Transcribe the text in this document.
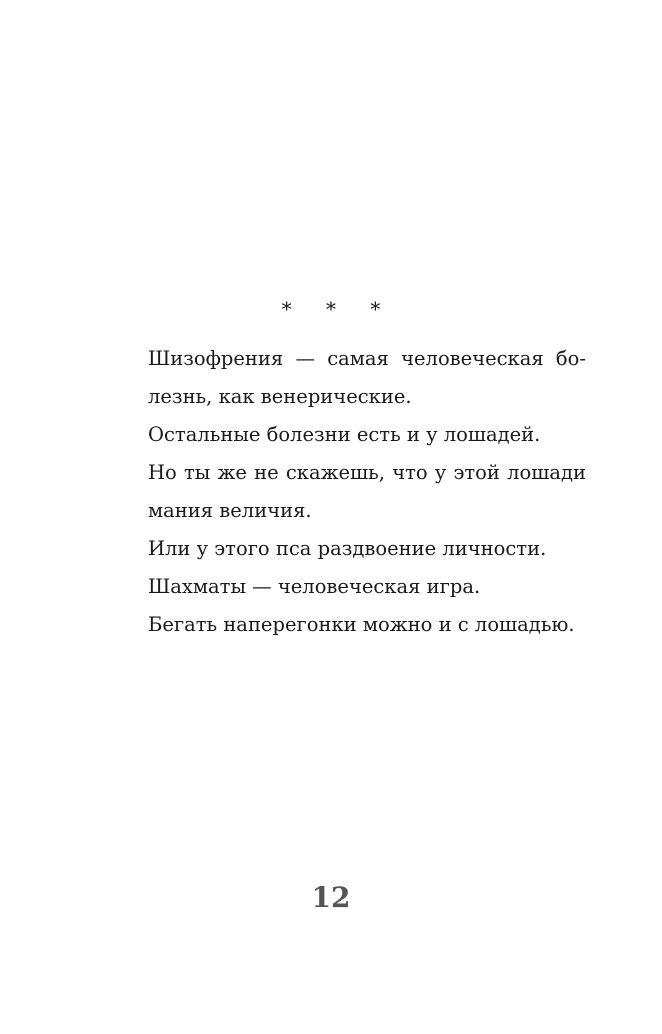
* * *
Шизофрения — самая человеческая бо-
лезнь, как венерические.
Остальные болезни есть и у лошадей.
Но ты же не скажешь, что у этой лошади
мания величия.
Или у этого пса раздвоение личности.
Шахматы — человеческая игра.
Бегать наперегонки можно и с лошадью.
12
